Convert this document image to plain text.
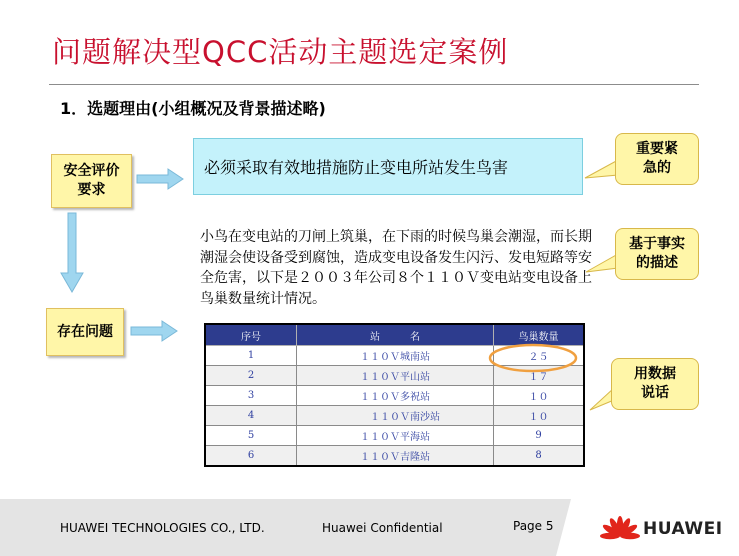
问题解决型QCC活动主题选定案例
1．选题理由(小组概况及背景描述略)
安全评价要求
存在问题
必须采取有效地措施防止变电所站发生鸟害
重要紧急的
基于事实的描述
用数据说话
小鸟在变电站的刀闸上筑巢，在下雨的时候鸟巢会潮湿，而长期潮湿会使设备受到腐蚀，造成变电设备发生闪污、发电短路等安全危害，以下是２００３年公司８个１１０Ｖ变电站变电设备上鸟巢数量统计情况。
序号	站　　　名	鸟巢数量
1	１１０Ｖ城南站	２５
2	１１０Ｖ平山站	１７
3	１１０Ｖ多祝站	１０
4	１１０Ｖ南沙站	１０
5	１１０Ｖ平海站	9
6	１１０Ｖ吉隆站	8
HUAWEI TECHNOLOGIES CO., LTD.	Huawei Confidential	Page 5	HUAWEI
